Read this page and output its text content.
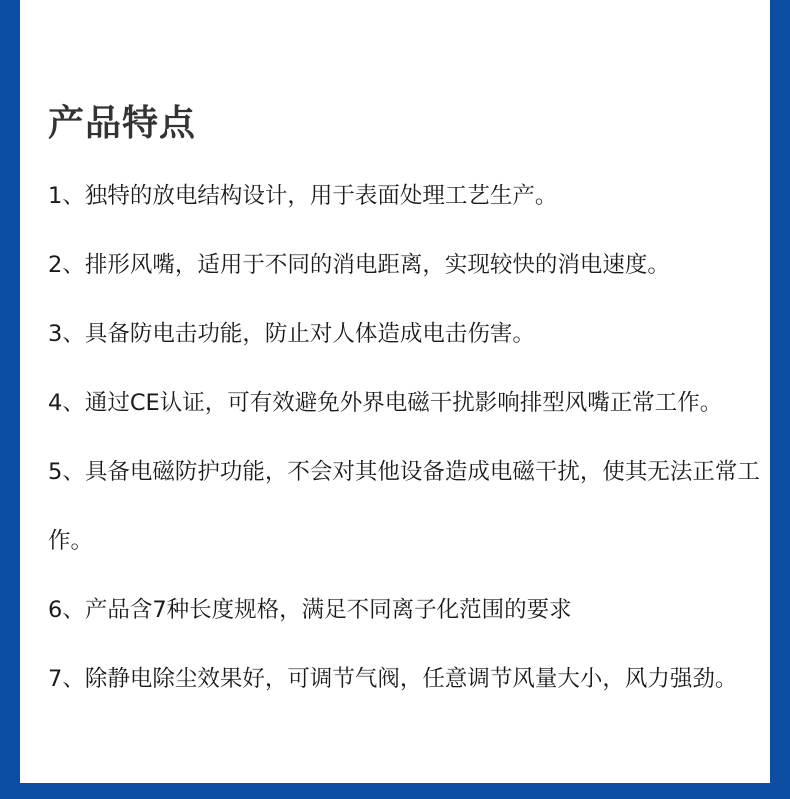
产品特点
1、独特的放电结构设计，用于表面处理工艺生产。
2、排形风嘴，适用于不同的消电距离，实现较快的消电速度。
3、具备防电击功能，防止对人体造成电击伤害。
4、通过CE认证，可有效避免外界电磁干扰影响排型风嘴正常工作。
5、具备电磁防护功能，不会对其他设备造成电磁干扰，使其无法正常工作。
6、产品含7种长度规格，满足不同离子化范围的要求
7、除静电除尘效果好，可调节气阀，任意调节风量大小，风力强劲。
